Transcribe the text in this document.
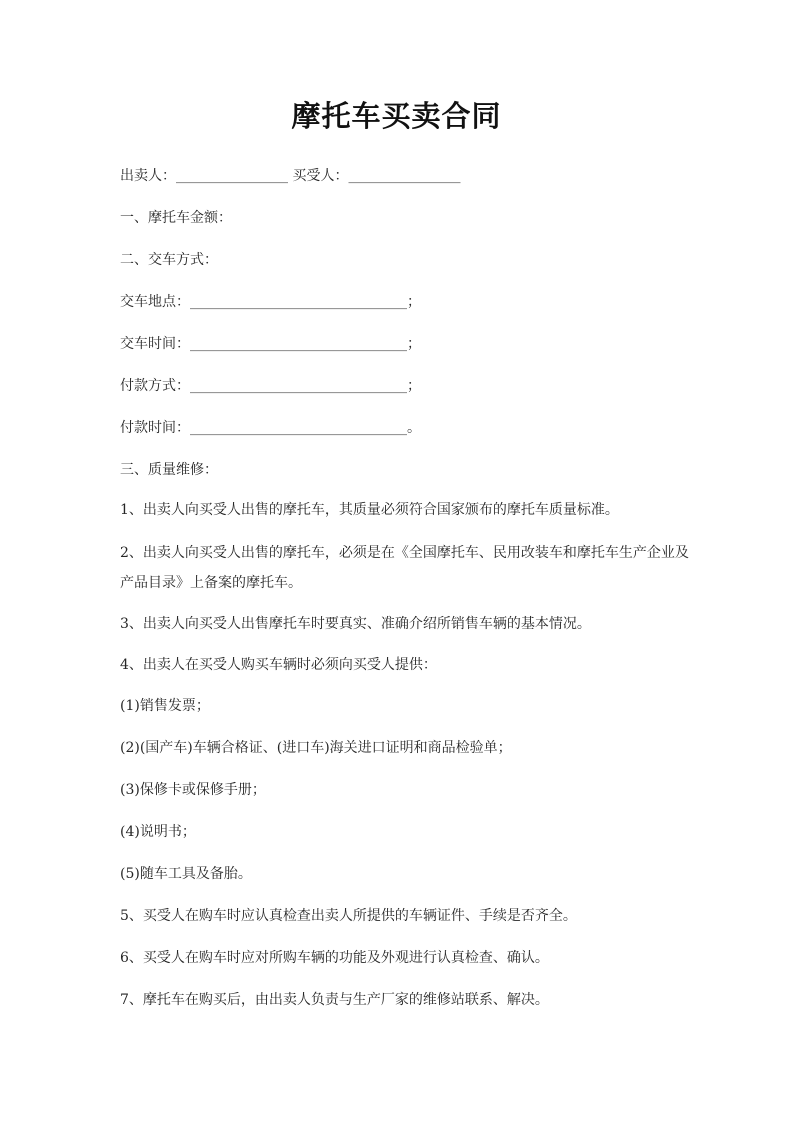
摩托车买卖合同
出卖人：________________ 买受人：________________
一、摩托车金额：
二、交车方式：
交车地点：_______________________________；
交车时间：_______________________________；
付款方式：_______________________________；
付款时间：_______________________________。
三、质量维修：
1、出卖人向买受人出售的摩托车，其质量必须符合国家颁布的摩托车质量标准。
2、出卖人向买受人出售的摩托车，必须是在《全国摩托车、民用改装车和摩托车生产企业及产品目录》上备案的摩托车。
3、出卖人向买受人出售摩托车时要真实、准确介绍所销售车辆的基本情况。
4、出卖人在买受人购买车辆时必须向买受人提供：
(1)销售发票；
(2)(国产车)车辆合格证、(进口车)海关进口证明和商品检验单；
(3)保修卡或保修手册；
(4)说明书；
(5)随车工具及备胎。
5、买受人在购车时应认真检查出卖人所提供的车辆证件、手续是否齐全。
6、买受人在购车时应对所购车辆的功能及外观进行认真检查、确认。
7、摩托车在购买后，由出卖人负责与生产厂家的维修站联系、解决。
